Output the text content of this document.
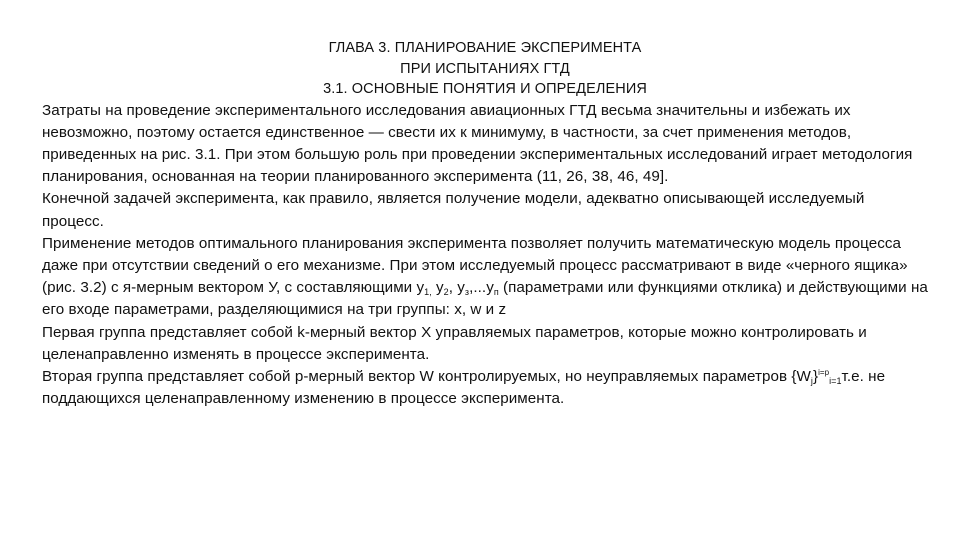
ГЛАВА 3. ПЛАНИРОВАНИЕ ЭКСПЕРИМЕНТА
ПРИ ИСПЫТАНИЯХ ГТД
3.1. ОСНОВНЫЕ ПОНЯТИЯ И ОПРЕДЕЛЕНИЯ

Затраты на проведение экспериментального исследования авиационных ГТД весьма значительны и избежать их невозможно, поэтому остается единственное — свести их к минимуму, в частности, за счет применения методов, приведенных на рис. 3.1. При этом большую роль при проведении экспериментальных исследований играет методология планирования, основанная на теории планированного эксперимента (11, 26, 38, 46, 49].

Конечной задачей эксперимента, как правило, является получение модели, адекватно описывающей исследуемый процесс.

Применение методов оптимального планирования эксперимента позволяет получить математическую модель процесса даже при отсутствии сведений о его механизме. При этом исследуемый процесс рассматривают в виде «черного ящика» (рис. 3.2) с я-мерным вектором У, с составляющими $у_{1,}$ $у_2$, $у_з,...у_п$ (параметрами или функциями отклика) и действующими на его входе параметрами, разделяющимися на три группы: х, w и z

Первая группа представляет собой k-мерный вектор X управляемых параметров, которые можно контролировать и целенаправленно изменять в процессе эксперимента.

Вторая группа представляет собой р-мерный вектор W контролируемых, но неуправляемых параметров $\{W_j\}^{i=p}_{i=1}т.е$. не поддающихся целенаправленному изменению в процессе эксперимента.
